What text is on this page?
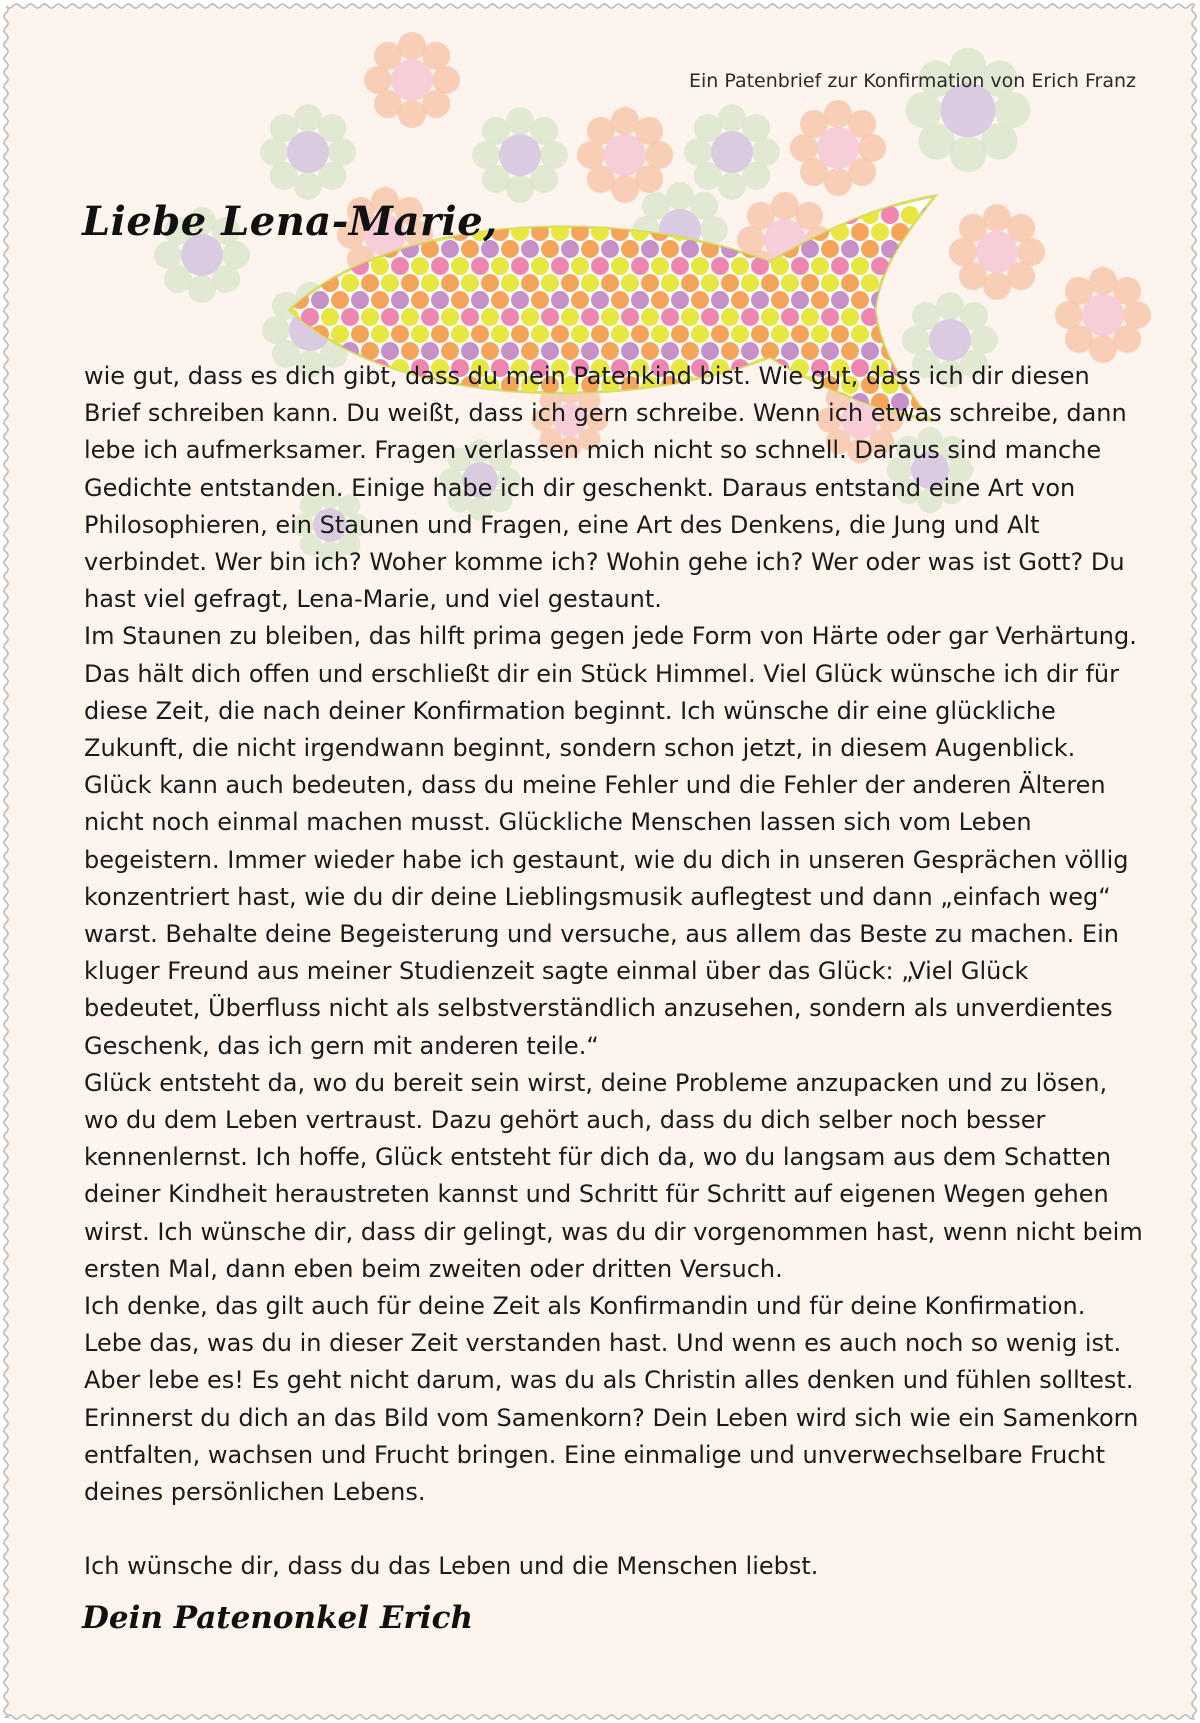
Ein Patenbrief zur Konfirmation von Erich Franz
Liebe Lena-Marie,

wie gut, dass es dich gibt, dass du mein Patenkind bist. Wie gut, dass ich dir diesen Brief schreiben kann. Du weißt, dass ich gern schreibe. Wenn ich etwas schreibe, dann lebe ich aufmerksamer. Fragen verlassen mich nicht so schnell. Daraus sind manche Gedichte entstanden. Einige habe ich dir geschenkt. Daraus entstand eine Art von Philosophieren, ein Staunen und Fragen, eine Art des Denkens, die Jung und Alt verbindet. Wer bin ich? Woher komme ich? Wohin gehe ich? Wer oder was ist Gott? Du hast viel gefragt, Lena-Marie, und viel gestaunt.

Im Staunen zu bleiben, das hilft prima gegen jede Form von Härte oder gar Verhärtung. Das hält dich offen und erschließt dir ein Stück Himmel. Viel Glück wünsche ich dir für diese Zeit, die nach deiner Konfirmation beginnt. Ich wünsche dir eine glückliche Zukunft, die nicht irgendwann beginnt, sondern schon jetzt, in diesem Augenblick. Glück kann auch bedeuten, dass du meine Fehler und die Fehler der anderen Älteren nicht noch einmal machen musst. Glückliche Menschen lassen sich vom Leben begeistern. Immer wieder habe ich gestaunt, wie du dich in unseren Gesprächen völlig konzentriert hast, wie du dir deine Lieblingsmusik auflegtest und dann „einfach weg“ warst. Behalte deine Begeisterung und versuche, aus allem das Beste zu machen. Ein kluger Freund aus meiner Studienzeit sagte einmal über das Glück: „Viel Glück bedeutet, Überfluss nicht als selbstverständlich anzusehen, sondern als unverdientes Geschenk, das ich gern mit anderen teile.“

Glück entsteht da, wo du bereit sein wirst, deine Probleme anzupacken und zu lösen, wo du dem Leben vertraust. Dazu gehört auch, dass du dich selber noch besser kennenlernst. Ich hoffe, Glück entsteht für dich da, wo du langsam aus dem Schatten deiner Kindheit heraustreten kannst und Schritt für Schritt auf eigenen Wegen gehen wirst. Ich wünsche dir, dass dir gelingt, was du dir vorgenommen hast, wenn nicht beim ersten Mal, dann eben beim zweiten oder dritten Versuch.

Ich denke, das gilt auch für deine Zeit als Konfirmandin und für deine Konfirmation. Lebe das, was du in dieser Zeit verstanden hast. Und wenn es auch noch so wenig ist. Aber lebe es! Es geht nicht darum, was du als Christin alles denken und fühlen solltest. Erinnerst du dich an das Bild vom Samenkorn? Dein Leben wird sich wie ein Samenkorn entfalten, wachsen und Frucht bringen. Eine einmalige und unverwechselbare Frucht deines persönlichen Lebens.

Ich wünsche dir, dass du das Leben und die Menschen liebst.

Dein Patenonkel Erich
